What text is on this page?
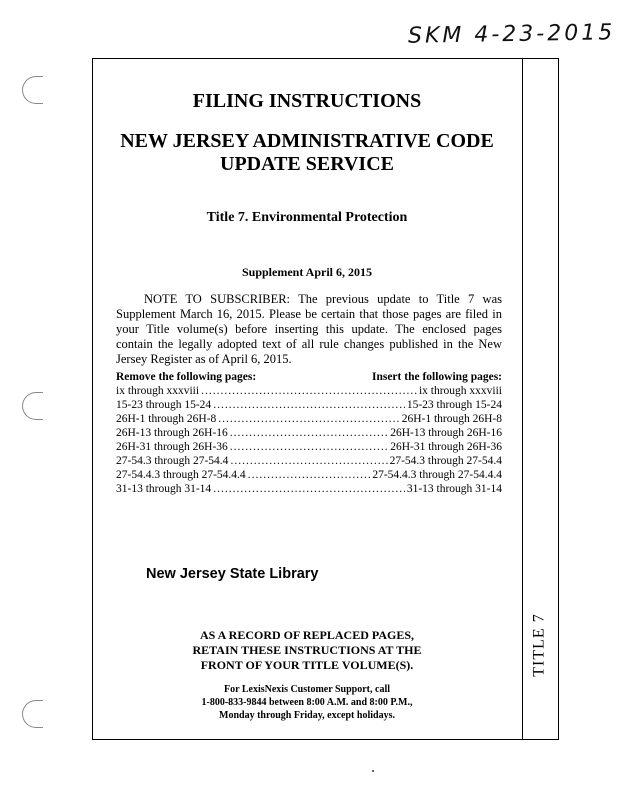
SKM 4-23-2015
TITLE 7
FILING INSTRUCTIONS
NEW JERSEY ADMINISTRATIVE CODE
UPDATE SERVICE
Title 7. Environmental Protection
Supplement April 6, 2015
NOTE TO SUBSCRIBER: The previous update to Title 7 was Supplement March 16, 2015. Please be certain that those pages are filed in your Title volume(s) before inserting this update. The enclosed pages contain the legally adopted text of all rule changes published in the New Jersey Register as of April 6, 2015.
Remove the following pages:	Insert the following pages:
ix through xxxviii .....	ix through xxxviii
15-23 through 15-24 .....	15-23 through 15-24
26H-1 through 26H-8 .....	26H-1 through 26H-8
26H-13 through 26H-16 .....	26H-13 through 26H-16
26H-31 through 26H-36 .....	26H-31 through 26H-36
27-54.3 through 27-54.4 .....	27-54.3 through 27-54.4
27-54.4.3 through 27-54.4.4 .....	27-54.4.3 through 27-54.4.4
31-13 through 31-14 .....	31-13 through 31-14
New Jersey State Library
AS A RECORD OF REPLACED PAGES,
RETAIN THESE INSTRUCTIONS AT THE
FRONT OF YOUR TITLE VOLUME(S).
For LexisNexis Customer Support, call
1-800-833-9844 between 8:00 A.M. and 8:00 P.M.,
Monday through Friday, except holidays.
